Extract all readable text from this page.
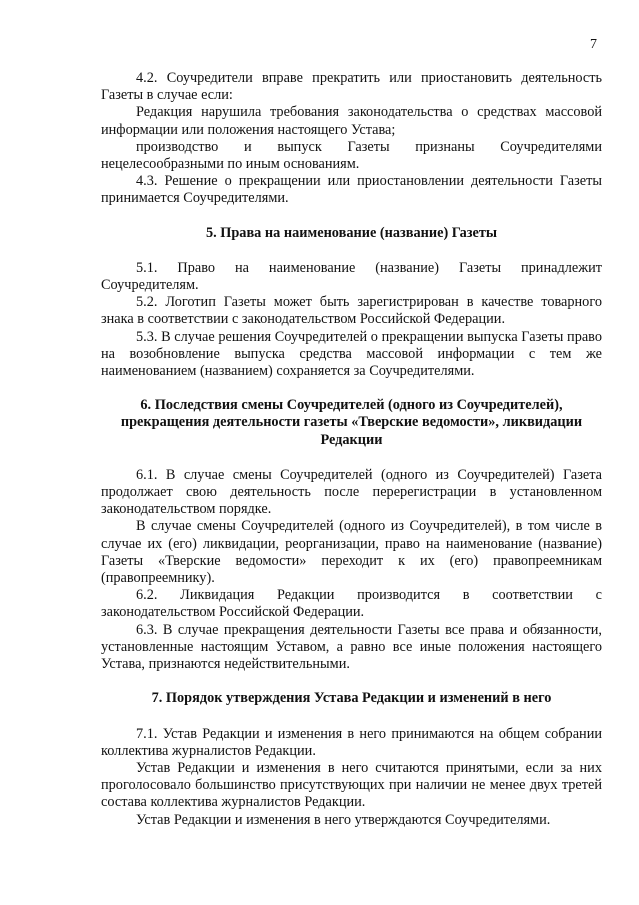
7

4.2. Соучредители вправе прекратить или приостановить деятельность Газеты в случае если:

Редакция нарушила требования законодательства о средствах массовой информации или положения настоящего Устава;

производство и выпуск Газеты признаны Соучредителями нецелесообразными по иным основаниям.

4.3. Решение о прекращении или приостановлении деятельности Газеты принимается Соучредителями.

5. Права на наименование (название) Газеты

5.1. Право на наименование (название) Газеты принадлежит Соучредителям.

5.2. Логотип Газеты может быть зарегистрирован в качестве товарного знака в соответствии с законодательством Российской Федерации.

5.3. В случае решения Соучредителей о прекращении выпуска Газеты право на возобновление выпуска средства массовой информации с тем же наименованием (названием) сохраняется за Соучредителями.

6. Последствия смены Соучредителей (одного из Соучредителей), прекращения деятельности газеты «Тверские ведомости», ликвидации Редакции

6.1. В случае смены Соучредителей (одного из Соучредителей) Газета продолжает свою деятельность после перерегистрации в установленном законодательством порядке.

В случае смены Соучредителей (одного из Соучредителей), в том числе в случае их (его) ликвидации, реорганизации, право на наименование (название) Газеты «Тверские ведомости» переходит к их (его) правопреемникам (правопреемнику).

6.2. Ликвидация Редакции производится в соответствии с законодательством Российской Федерации.

6.3. В случае прекращения деятельности Газеты все права и обязанности, установленные настоящим Уставом, а равно все иные положения настоящего Устава, признаются недействительными.

7. Порядок утверждения Устава Редакции и изменений в него

7.1. Устав Редакции и изменения в него принимаются на общем собрании коллектива журналистов Редакции.

Устав Редакции и изменения в него считаются принятыми, если за них проголосовало большинство присутствующих при наличии не менее двух третей состава коллектива журналистов Редакции.

Устав Редакции и изменения в него утверждаются Соучредителями.
